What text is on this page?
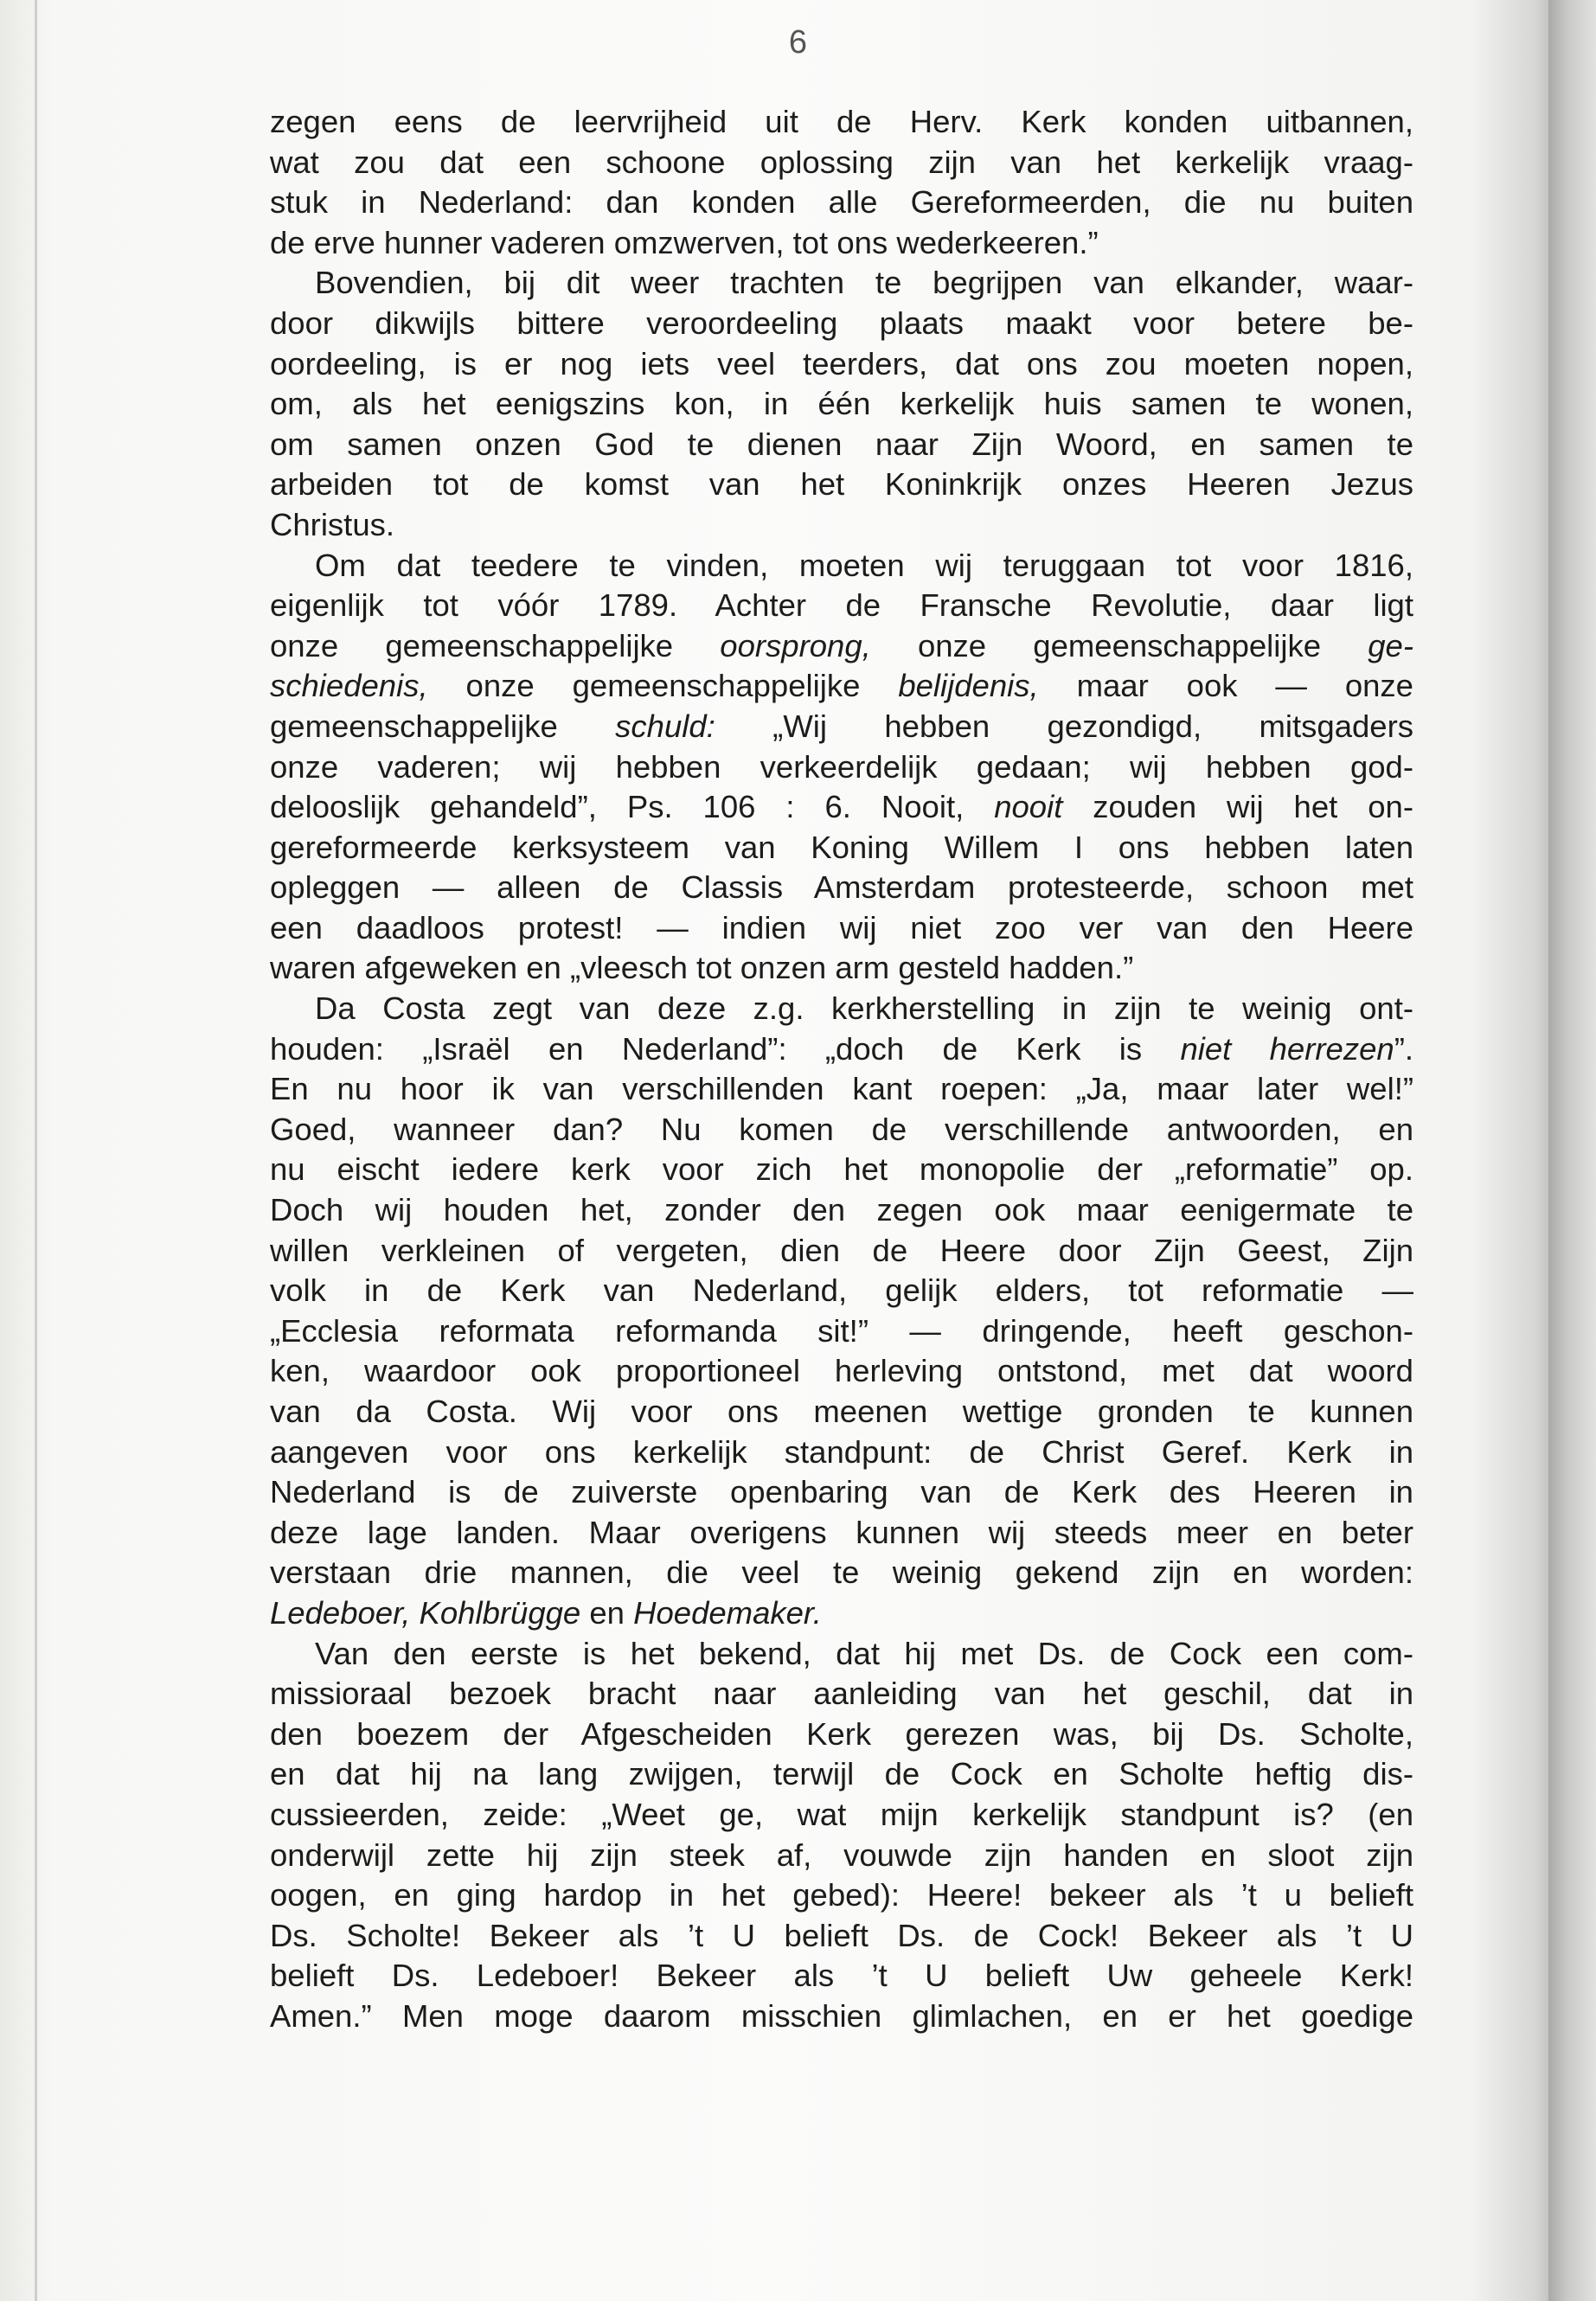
6
zegen eens de leervrijheid uit de Herv. Kerk konden uitbannen,
wat zou dat een schoone oplossing zijn van het kerkelijk vraag-
stuk in Nederland: dan konden alle Gereformeerden, die nu buiten
de erve hunner vaderen omzwerven, tot ons wederkeeren.”
Bovendien, bij dit weer trachten te begrijpen van elkander, waar-
door dikwijls bittere veroordeeling plaats maakt voor betere be-
oordeeling, is er nog iets veel teerders, dat ons zou moeten nopen,
om, als het eenigszins kon, in één kerkelijk huis samen te wonen,
om samen onzen God te dienen naar Zijn Woord, en samen te
arbeiden tot de komst van het Koninkrijk onzes Heeren Jezus
Christus.
Om dat teedere te vinden, moeten wij teruggaan tot voor 1816,
eigenlijk tot vóór 1789. Achter de Fransche Revolutie, daar ligt
onze gemeenschappelijke oorsprong, onze gemeenschappelijke ge-
schiedenis, onze gemeenschappelijke belijdenis, maar ook — onze
gemeenschappelijke schuld: „Wij hebben gezondigd, mitsgaders
onze vaderen; wij hebben verkeerdelijk gedaan; wij hebben god-
delooslijk gehandeld”, Ps. 106 : 6. Nooit, nooit zouden wij het on-
gereformeerde kerksysteem van Koning Willem I ons hebben laten
opleggen — alleen de Classis Amsterdam protesteerde, schoon met
een daadloos protest! — indien wij niet zoo ver van den Heere
waren afgeweken en „vleesch tot onzen arm gesteld hadden.”
Da Costa zegt van deze z.g. kerkherstelling in zijn te weinig ont-
houden: „Israël en Nederland”: „doch de Kerk is niet herrezen”.
En nu hoor ik van verschillenden kant roepen: „Ja, maar later wel!”
Goed, wanneer dan? Nu komen de verschillende antwoorden, en
nu eischt iedere kerk voor zich het monopolie der „reformatie” op.
Doch wij houden het, zonder den zegen ook maar eenigermate te
willen verkleinen of vergeten, dien de Heere door Zijn Geest, Zijn
volk in de Kerk van Nederland, gelijk elders, tot reformatie —
„Ecclesia reformata reformanda sit!” — dringende, heeft geschon-
ken, waardoor ook proportioneel herleving ontstond, met dat woord
van da Costa. Wij voor ons meenen wettige gronden te kunnen
aangeven voor ons kerkelijk standpunt: de Christ Geref. Kerk in
Nederland is de zuiverste openbaring van de Kerk des Heeren in
deze lage landen. Maar overigens kunnen wij steeds meer en beter
verstaan drie mannen, die veel te weinig gekend zijn en worden:
Ledeboer, Kohlbrügge en Hoedemaker.
Van den eerste is het bekend, dat hij met Ds. de Cock een com-
missioraal bezoek bracht naar aanleiding van het geschil, dat in
den boezem der Afgescheiden Kerk gerezen was, bij Ds. Scholte,
en dat hij na lang zwijgen, terwijl de Cock en Scholte heftig dis-
cussieerden, zeide: „Weet ge, wat mijn kerkelijk standpunt is? (en
onderwijl zette hij zijn steek af, vouwde zijn handen en sloot zijn
oogen, en ging hardop in het gebed): Heere! bekeer als ’t u belieft
Ds. Scholte! Bekeer als ’t U belieft Ds. de Cock! Bekeer als ’t U
belieft Ds. Ledeboer! Bekeer als ’t U belieft Uw geheele Kerk!
Amen.” Men moge daarom misschien glimlachen, en er het goedige
